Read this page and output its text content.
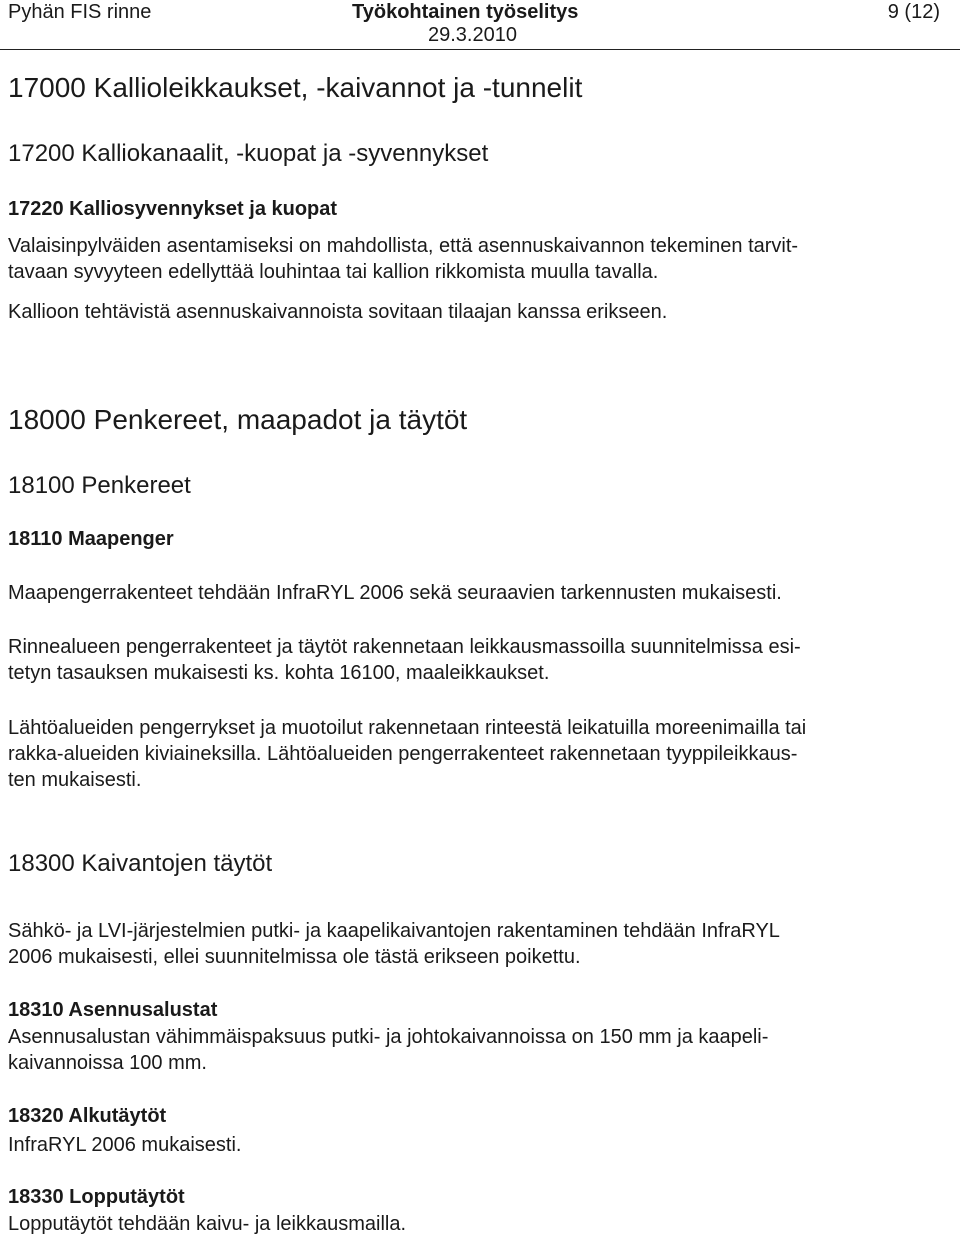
Pyhän FIS rinne	Työkohtainen työselitys
29.3.2010
9 (12)
17000 Kallioleikkaukset, -kaivannot ja -tunnelit
17200 Kalliokanaalit, -kuopat ja -syvennykset
17220 Kalliosyvennykset ja kuopat
Valaisinpylväiden asentamiseksi on mahdollista, että asennuskaivannon tekeminen tarvit-
tavaan syvyyteen edellyttää louhintaa tai kallion rikkomista muulla tavalla.
Kallioon tehtävistä asennuskaivannoista sovitaan tilaajan kanssa erikseen.
18000 Penkereet, maapadot ja täytöt
18100 Penkereet
18110 Maapenger
Maapengerrakenteet tehdään InfraRYL 2006 sekä seuraavien tarkennusten mukaisesti.
Rinnealueen pengerrakenteet ja täytöt rakennetaan leikkausmassoilla suunnitelmissa esi-
tetyn tasauksen mukaisesti ks. kohta 16100, maaleikkaukset.
Lähtöalueiden pengerrykset ja muotoilut rakennetaan rinteestä leikatuilla moreenimailla tai
rakka-alueiden kiviaineksilla. Lähtöalueiden pengerrakenteet rakennetaan tyyppileikkaus-
ten mukaisesti.
18300 Kaivantojen täytöt
Sähkö- ja LVI-järjestelmien putki- ja kaapelikaivantojen rakentaminen tehdään InfraRYL
2006 mukaisesti, ellei suunnitelmissa ole tästä erikseen poikettu.
18310 Asennusalustat
Asennusalustan vähimmäispaksuus putki- ja johtokaivannoissa on 150 mm ja kaapeli-
kaivannoissa 100 mm.
18320 Alkutäytöt
InfraRYL 2006 mukaisesti.
18330 Lopputäytöt
Lopputäytöt tehdään kaivu- ja leikkausmailla.
